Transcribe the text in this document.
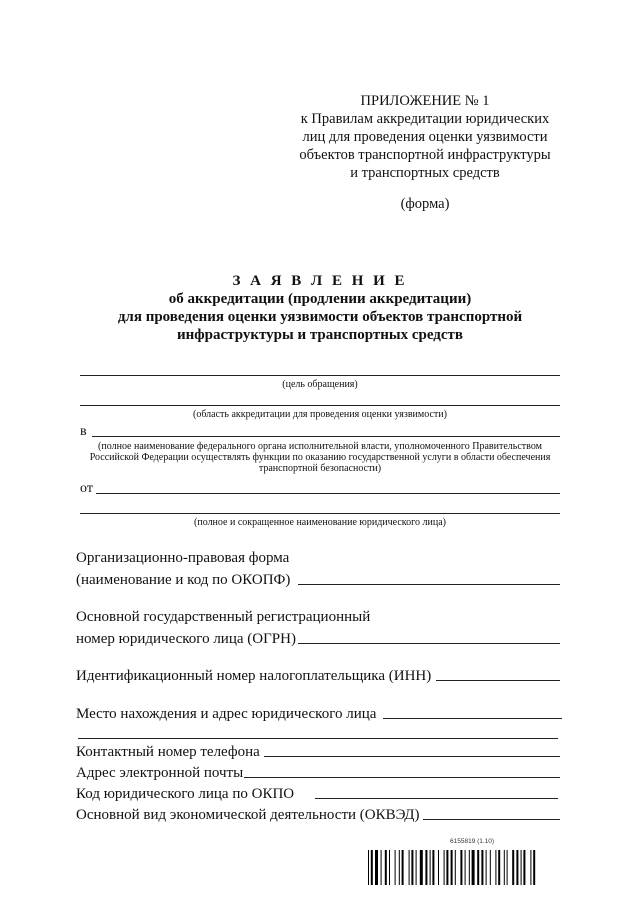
ПРИЛОЖЕНИЕ № 1
к Правилам аккредитации юридических
лиц для проведения оценки уязвимости
объектов транспортной инфраструктуры
и транспортных средств
(форма)
З А Я В Л Е Н И Е
об аккредитации (продлении аккредитации)
для проведения оценки уязвимости объектов транспортной
инфраструктуры и транспортных средств
(цель обращения)
(область аккредитации для проведения оценки уязвимости)
в
(полное наименование федерального органа исполнительной власти, уполномоченного Правительством Российской Федерации осуществлять функции по оказанию государственной услуги в области обеспечения транспортной безопасности)
от
(полное и сокращенное наименование юридического лица)
Организационно-правовая форма
(наименование и код по ОКОПФ)
Основной государственный регистрационный
номер юридического лица (ОГРН)
Идентификационный номер налогоплательщика (ИНН)
Место нахождения и адрес юридического лица
Контактный номер телефона
Адрес электронной почты
Код юридического лица по ОКПО
Основной вид экономической деятельности (ОКВЭД)
6155819 (1.10)
